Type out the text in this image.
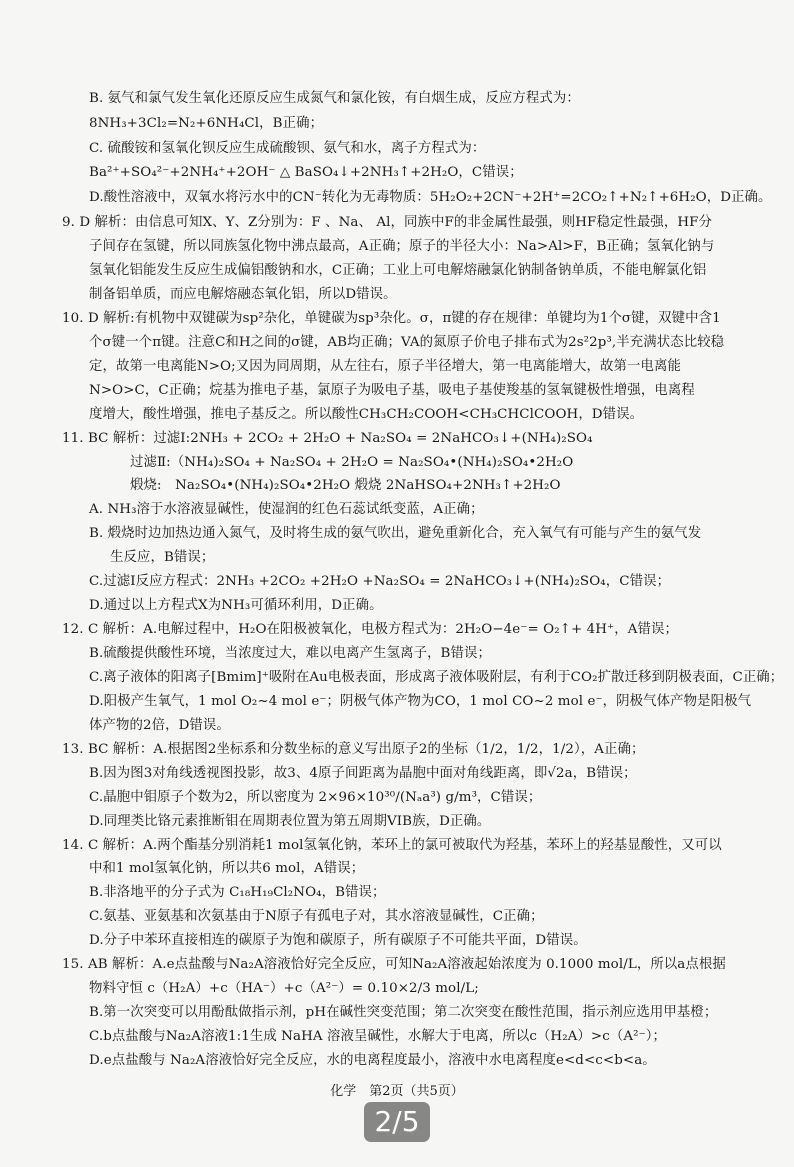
B. 氨气和氯气发生氧化还原反应生成氮气和氯化铵，有白烟生成，反应方程式为：
8NH₃+3Cl₂=N₂+6NH₄Cl，B正确；
C. 硫酸铵和氢氧化钡反应生成硫酸钡、氨气和水，离子方程式为：
Ba²⁺+SO₄²⁻+2NH₄⁺+2OH⁻ △ BaSO₄↓+2NH₃↑+2H₂O，C错误；
D.酸性溶液中，双氧水将污水中的CN⁻转化为无毒物质：5H₂O₂+2CN⁻+2H⁺=2CO₂↑+N₂↑+6H₂O，D正确。
9. D 解析：由信息可知X、Y、Z分别为：F 、Na、 Al，同族中F的非金属性最强，则HF稳定性最强，HF分
子间存在氢键，所以同族氢化物中沸点最高，A正确；原子的半径大小：Na>Al>F，B正确；氢氧化钠与
氢氧化铝能发生反应生成偏铝酸钠和水，C正确；工业上可电解熔融氯化钠制备钠单质，不能电解氯化铝
制备铝单质，而应电解熔融态氧化铝，所以D错误。
10. D 解析:有机物中双键碳为sp²杂化，单键碳为sp³杂化。σ，π键的存在规律：单键均为1个σ键，双键中含1
个σ键一个π键。注意C和H之间的σ键，AB均正确；VA的氮原子价电子排布式为2s²2p³,半充满状态比较稳
定，故第一电离能N>O;又因为同周期，从左往右，原子半径增大，第一电离能增大，故第一电离能
N>O>C，C正确；烷基为推电子基，氯原子为吸电子基，吸电子基使羧基的氢氧键极性增强，电离程
度增大，酸性增强，推电子基反之。所以酸性CH₃CH₂COOH<CH₃CHClCOOH，D错误。
11. BC 解析：过滤Ⅰ:2NH₃ + 2CO₂ + 2H₂O + Na₂SO₄ = 2NaHCO₃↓+(NH₄)₂SO₄
过滤Ⅱ:（NH₄)₂SO₄ + Na₂SO₄ + 2H₂O = Na₂SO₄•(NH₄)₂SO₄•2H₂O
煅烧:　Na₂SO₄•(NH₄)₂SO₄•2H₂O 煅烧 2NaHSO₄+2NH₃↑+2H₂O
A. NH₃溶于水溶液显碱性，使湿润的红色石蕊试纸变蓝，A正确；
B. 煅烧时边加热边通入氮气，及时将生成的氨气吹出，避免重新化合，充入氧气有可能与产生的氨气发
生反应，B错误；
C.过滤Ⅰ反应方程式：2NH₃ +2CO₂ +2H₂O +Na₂SO₄ = 2NaHCO₃↓+(NH₄)₂SO₄，C错误；
D.通过以上方程式X为NH₃可循环利用，D正确。
12. C 解析：A.电解过程中，H₂O在阳极被氧化，电极方程式为：2H₂O−4e⁻= O₂↑+ 4H⁺，A错误；
B.硫酸提供酸性环境，当浓度过大，难以电离产生氢离子，B错误；
C.离子液体的阳离子[Bmim]⁺吸附在Au电极表面，形成离子液体吸附层，有利于CO₂扩散迁移到阴极表面，C正确；
D.阳极产生氧气，1 mol O₂~4 mol e⁻；阴极气体产物为CO，1 mol CO~2 mol e⁻，阴极气体产物是阳极气
体产物的2倍，D错误。
13. BC 解析：A.根据图2坐标系和分数坐标的意义写出原子2的坐标（1/2，1/2，1/2），A正确；
B.因为图3对角线透视图投影，故3、4原子间距离为晶胞中面对角线距离，即√2a，B错误；
C.晶胞中钼原子个数为2，所以密度为 2×96×10³⁰/(Nₐa³) g/m³，C错误；
D.同理类比铬元素推断钼在周期表位置为第五周期VIB族，D正确。
14. C 解析：A.两个酯基分别消耗1 mol氢氧化钠，苯环上的氯可被取代为羟基，苯环上的羟基显酸性，又可以
中和1 mol氢氧化钠，所以共6 mol，A错误；
B.非洛地平的分子式为 C₁₈H₁₉Cl₂NO₄，B错误；
C.氨基、亚氨基和次氨基由于N原子有孤电子对，其水溶液显碱性，C正确；
D.分子中苯环直接相连的碳原子为饱和碳原子，所有碳原子不可能共平面，D错误。
15. AB 解析：A.e点盐酸与Na₂A溶液恰好完全反应，可知Na₂A溶液起始浓度为 0.1000 mol/L，所以a点根据
物料守恒 c（H₂A）+c（HA⁻）+c（A²⁻）= 0.10×2/3 mol/L;
B.第一次突变可以用酚酞做指示剂，pH在碱性突变范围；第二次突变在酸性范围，指示剂应选用甲基橙；
C.b点盐酸与Na₂A溶液1:1生成 NaHA 溶液呈碱性，水解大于电离，所以c（H₂A）>c（A²⁻）；
D.e点盐酸与 Na₂A溶液恰好完全反应，水的电离程度最小，溶液中水电离程度e<d<c<b<a。
化学　第2页（共5页）
2/5
